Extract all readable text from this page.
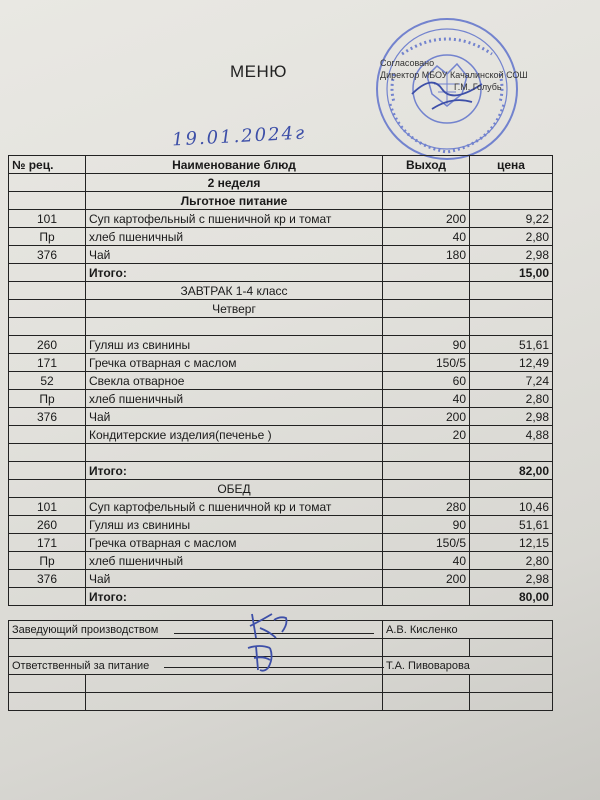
МЕНЮ	Согласовано
Директор МБОУ Качалинской СОШ
Г.М. Голубь
19.01.2024г
№ рец.	Наименование блюд	Выход	цена
	2 неделя		
	Льготное питание		
101	Суп картофельный с пшеничной кр и томат	200	9,22
Пр	хлеб пшеничный	40	2,80
376	Чай	180	2,98
	Итого:		15,00
	ЗАВТРАК 1-4 класс		
	Четверг		

260	Гуляш из свинины	90	51,61
171	Гречка отварная с маслом	150/5	12,49
52	Свекла отварное	60	7,24
Пр	хлеб пшеничный	40	2,80
376	Чай	200	2,98
	Кондитерские изделия(печенье )	20	4,88

	Итого:		82,00
	ОБЕД		
101	Суп картофельный с пшеничной кр и томат	280	10,46
260	Гуляш из свинины	90	51,61
171	Гречка отварная с маслом	150/5	12,15
Пр	хлеб пшеничный	40	2,80
376	Чай	200	2,98
	Итого:		80,00
Заведующий производством		А.В. Кисленко	

Ответственный за питание		Т.А. Пивоварова	
